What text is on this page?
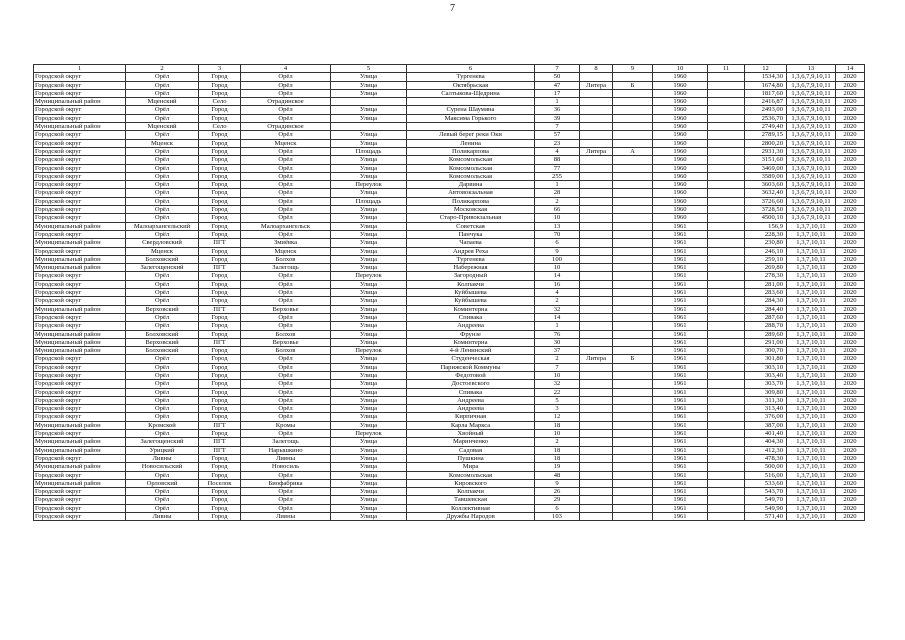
7
1	2	3	4	5	6	7	8	9	10	11	12	13	14
Городской округ	Орёл	Город	Орёл	Улица	Тургенева	50			1960		1534,30	1,3,6,7,9,10,11	2020
Городской округ	Орёл	Город	Орёл	Улица	Октябрьская	47	Литера	Б	1960		1674,80	1,3,6,7,9,10,11	2020
Городской округ	Орёл	Город	Орёл	Улица	Салтыкова-Щедрина	17			1960		1817,60	1,3,6,7,9,10,11	2020
Муниципальный район	Мценский	Село	Отрадинское			1			1960		2416,87	1,3,6,7,9,10,11	2020
Городской округ	Орёл	Город	Орёл	Улица	Сурена Шаумяна	36			1960		2493,00	1,3,6,7,9,10,11	2020
Городской округ	Орёл	Город	Орёл	Улица	Максима Горького	39			1960		2536,70	1,3,6,7,9,10,11	2020
Муниципальный район	Мценский	Село	Отрадинское			7			1960		2749,40	1,3,6,7,9,10,11	2020
Городской округ	Орёл	Город	Орёл	Улица	Левый берег реки Оки	57			1960		2789,15	1,3,6,7,9,10,11	2020
Городской округ	Мценск	Город	Мценск	Улица	Ленина	23			1960		2800,20	1,3,6,7,9,10,11	2020
Городской округ	Орёл	Город	Орёл	Площадь	Поликарпова	4	Литера	А	1960		2931,30	1,3,6,7,9,10,11	2020
Городской округ	Орёл	Город	Орёл	Улица	Комсомольская	88			1960		3151,60	1,3,6,7,9,10,11	2020
Городской округ	Орёл	Город	Орёл	Улица	Комсомольская	77			1960		3469,00	1,3,6,7,9,10,11	2020
Городской округ	Орёл	Город	Орёл	Улица	Комсомольская	255			1960		3589,00	1,3,6,7,9,10,11	2020
Городской округ	Орёл	Город	Орёл	Переулок	Дарвина	1			1960		3603,60	1,3,6,7,9,10,11	2020
Городской округ	Орёл	Город	Орёл	Улица	Автовокзальная	28			1960		3632,40	1,3,6,7,9,10,11	2020
Городской округ	Орёл	Город	Орёл	Площадь	Поликарпова	2			1960		3726,60	1,3,6,7,9,10,11	2020
Городской округ	Орёл	Город	Орёл	Улица	Московская	66			1960		3728,50	1,3,6,7,9,10,11	2020
Городской округ	Орёл	Город	Орёл	Улица	Старо-Привокзальная	10			1960		4500,10	1,3,6,7,9,10,11	2020
Муниципальный район	Малоархангельский	Город	Малоархангельск	Улица	Советская	13			1961		156,9	1,3,7,10,11	2020
Городской округ	Орёл	Город	Орёл	Улица	Панчука	70			1961		228,30	1,3,7,10,11	2020
Муниципальный район	Свердловский	ПГТ	Змиёвка	Улица	Чапаева	6			1961		230,80	1,3,7,10,11	2020
Городской округ	Мценск	Город	Мценск	Улица	Андрея Реха	9			1961		246,10	1,3,7,10,11	2020
Муниципальный район	Болховский	Город	Болхов	Улица	Тургенева	100			1961		259,10	1,3,7,10,11	2020
Муниципальный район	Залегощенский	ПГТ	Залегощь	Улица	Набережная	10			1961		269,80	1,3,7,10,11	2020
Городской округ	Орёл	Город	Орёл	Переулок	Загородный	14			1961		278,30	1,3,7,10,11	2020
Городской округ	Орёл	Город	Орёл	Улица	Колпакчи	16			1961		281,00	1,3,7,10,11	2020
Городской округ	Орёл	Город	Орёл	Улица	Куйбышева	4			1961		283,60	1,3,7,10,11	2020
Городской округ	Орёл	Город	Орёл	Улица	Куйбышева	2			1961		284,30	1,3,7,10,11	2020
Муниципальный район	Верховский	ПГТ	Верховье	Улица	Коминтерна	32			1961		284,40	1,3,7,10,11	2020
Городской округ	Орёл	Город	Орёл	Улица	Спивака	14			1961		287,60	1,3,7,10,11	2020
Городской округ	Орёл	Город	Орёл	Улица	Андреева	1			1961		288,70	1,3,7,10,11	2020
Муниципальный район	Болховский	Город	Болхов	Улица	Фрунзе	76			1961		289,60	1,3,7,10,11	2020
Муниципальный район	Верховский	ПГТ	Верховье	Улица	Коминтерна	30			1961		291,00	1,3,7,10,11	2020
Муниципальный район	Болховский	Город	Болхов	Переулок	4-й Ленинский	37			1961		300,70	1,3,7,10,11	2020
Городской округ	Орёл	Город	Орёл	Улица	Студенческая	2	Литера	Б	1961		301,80	1,3,7,10,11	2020
Городской округ	Орёл	Город	Орёл	Улица	Парижской Коммуны	7			1961		303,10	1,3,7,10,11	2020
Городской округ	Орёл	Город	Орёл	Улица	Федотовой	10			1961		303,40	1,3,7,10,11	2020
Городской округ	Орёл	Город	Орёл	Улица	Достоевского	32			1961		303,70	1,3,7,10,11	2020
Городской округ	Орёл	Город	Орёл	Улица	Спивака	22			1961		309,80	1,3,7,10,11	2020
Городской округ	Орёл	Город	Орёл	Улица	Андреева	5			1961		311,30	1,3,7,10,11	2020
Городской округ	Орёл	Город	Орёл	Улица	Андреева	3			1961		313,40	1,3,7,10,11	2020
Городской округ	Орёл	Город	Орёл	Улица	Кирпичная	12			1961		376,00	1,3,7,10,11	2020
Муниципальный район	Кромской	ПГТ	Кромы	Улица	Карла Маркса	18			1961		387,00	1,3,7,10,11	2020
Городской округ	Орёл	Город	Орёл	Переулок	Хвойный	10			1961		401,40	1,3,7,10,11	2020
Муниципальный район	Залегощенский	ПГТ	Залегощь	Улица	Маринченко	2			1961		404,30	1,3,7,10,11	2020
Муниципальный район	Урицкий	ПГТ	Нарышкино	Улица	Садовая	18			1961		412,30	1,3,7,10,11	2020
Городской округ	Ливны	Город	Ливны	Улица	Пушкина	18			1961		478,30	1,3,7,10,11	2020
Муниципальный район	Новосильский	Город	Новосиль	Улица	Мира	19			1961		500,00	1,3,7,10,11	2020
Городской округ	Орёл	Город	Орёл	Улица	Комсомольская	48			1961		516,00	1,3,7,10,11	2020
Муниципальный район	Орловский	Поселок	Биофабрика	Улица	Кировского	9			1961		533,60	1,3,7,10,11	2020
Городской округ	Орёл	Город	Орёл	Улица	Колпакчи	26			1961		543,70	1,3,7,10,11	2020
Городской округ	Орёл	Город	Орёл	Улица	Тавшевская	29			1961		549,70	1,3,7,10,11	2020
Городской округ	Орёл	Город	Орёл	Улица	Коллективная	6			1961		549,90	1,3,7,10,11	2020
Городской округ	Ливны	Город	Ливны	Улица	Дружбы Народов	103			1961		571,40	1,3,7,10,11	2020
